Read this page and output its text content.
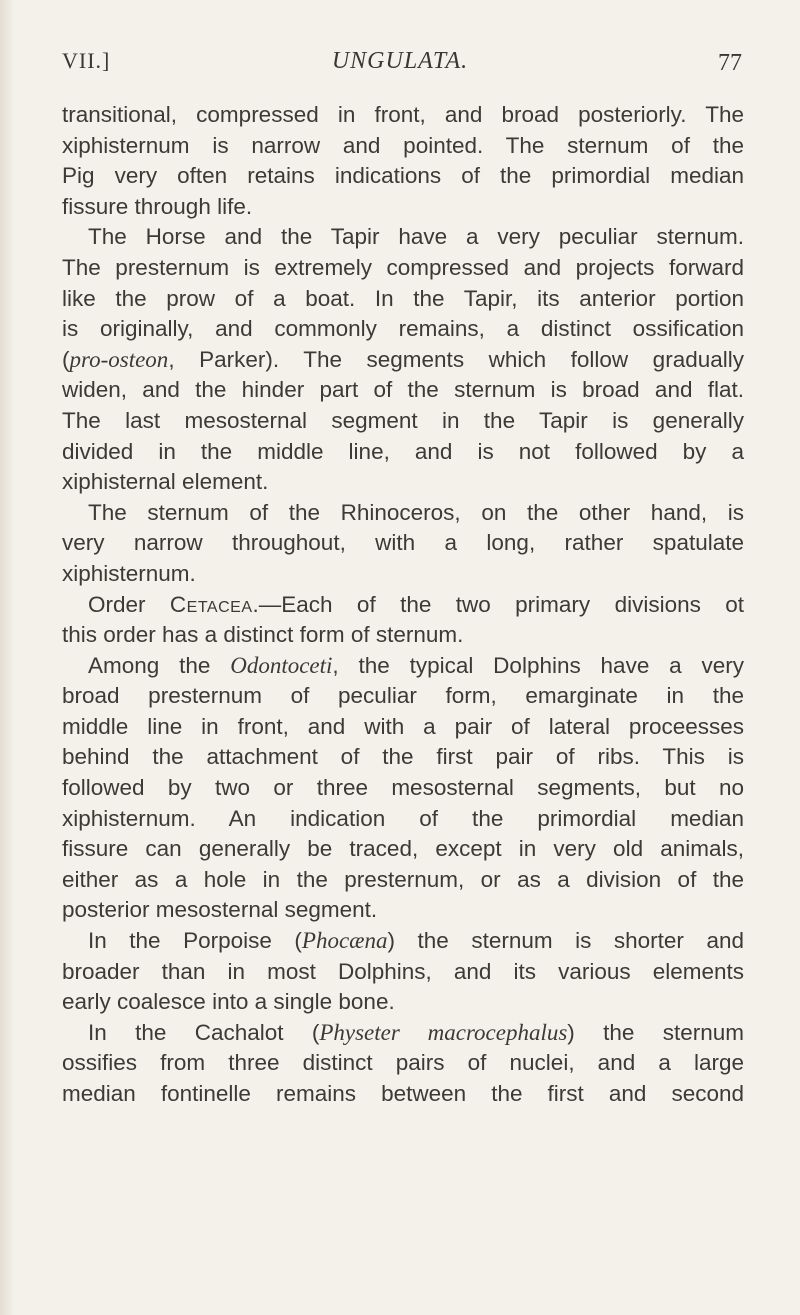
VII.]	UNGULATA.	77
transitional, compressed in front, and broad posteriorly. The
xiphisternum is narrow and pointed. The sternum of the
Pig very often retains indications of the primordial median
fissure through life.
The Horse and the Tapir have a very peculiar sternum.
The presternum is extremely compressed and projects forward
like the prow of a boat. In the Tapir, its anterior portion
is originally, and commonly remains, a distinct ossification
(pro-osteon, Parker). The segments which follow gradually
widen, and the hinder part of the sternum is broad and flat.
The last mesosternal segment in the Tapir is generally
divided in the middle line, and is not followed by a
xiphisternal element.
The sternum of the Rhinoceros, on the other hand, is
very narrow throughout, with a long, rather spatulate
xiphisternum.
Order Cetacea.—Each of the two primary divisions ot
this order has a distinct form of sternum.
Among the Odontoceti, the typical Dolphins have a very
broad presternum of peculiar form, emarginate in the
middle line in front, and with a pair of lateral proceesses
behind the attachment of the first pair of ribs. This is
followed by two or three mesosternal segments, but no
xiphisternum. An indication of the primordial median
fissure can generally be traced, except in very old animals,
either as a hole in the presternum, or as a division of the
posterior mesosternal segment.
In the Porpoise (Phocæna) the sternum is shorter and
broader than in most Dolphins, and its various elements
early coalesce into a single bone.
In the Cachalot (Physeter macrocephalus) the sternum
ossifies from three distinct pairs of nuclei, and a large
median fontinelle remains between the first and second
